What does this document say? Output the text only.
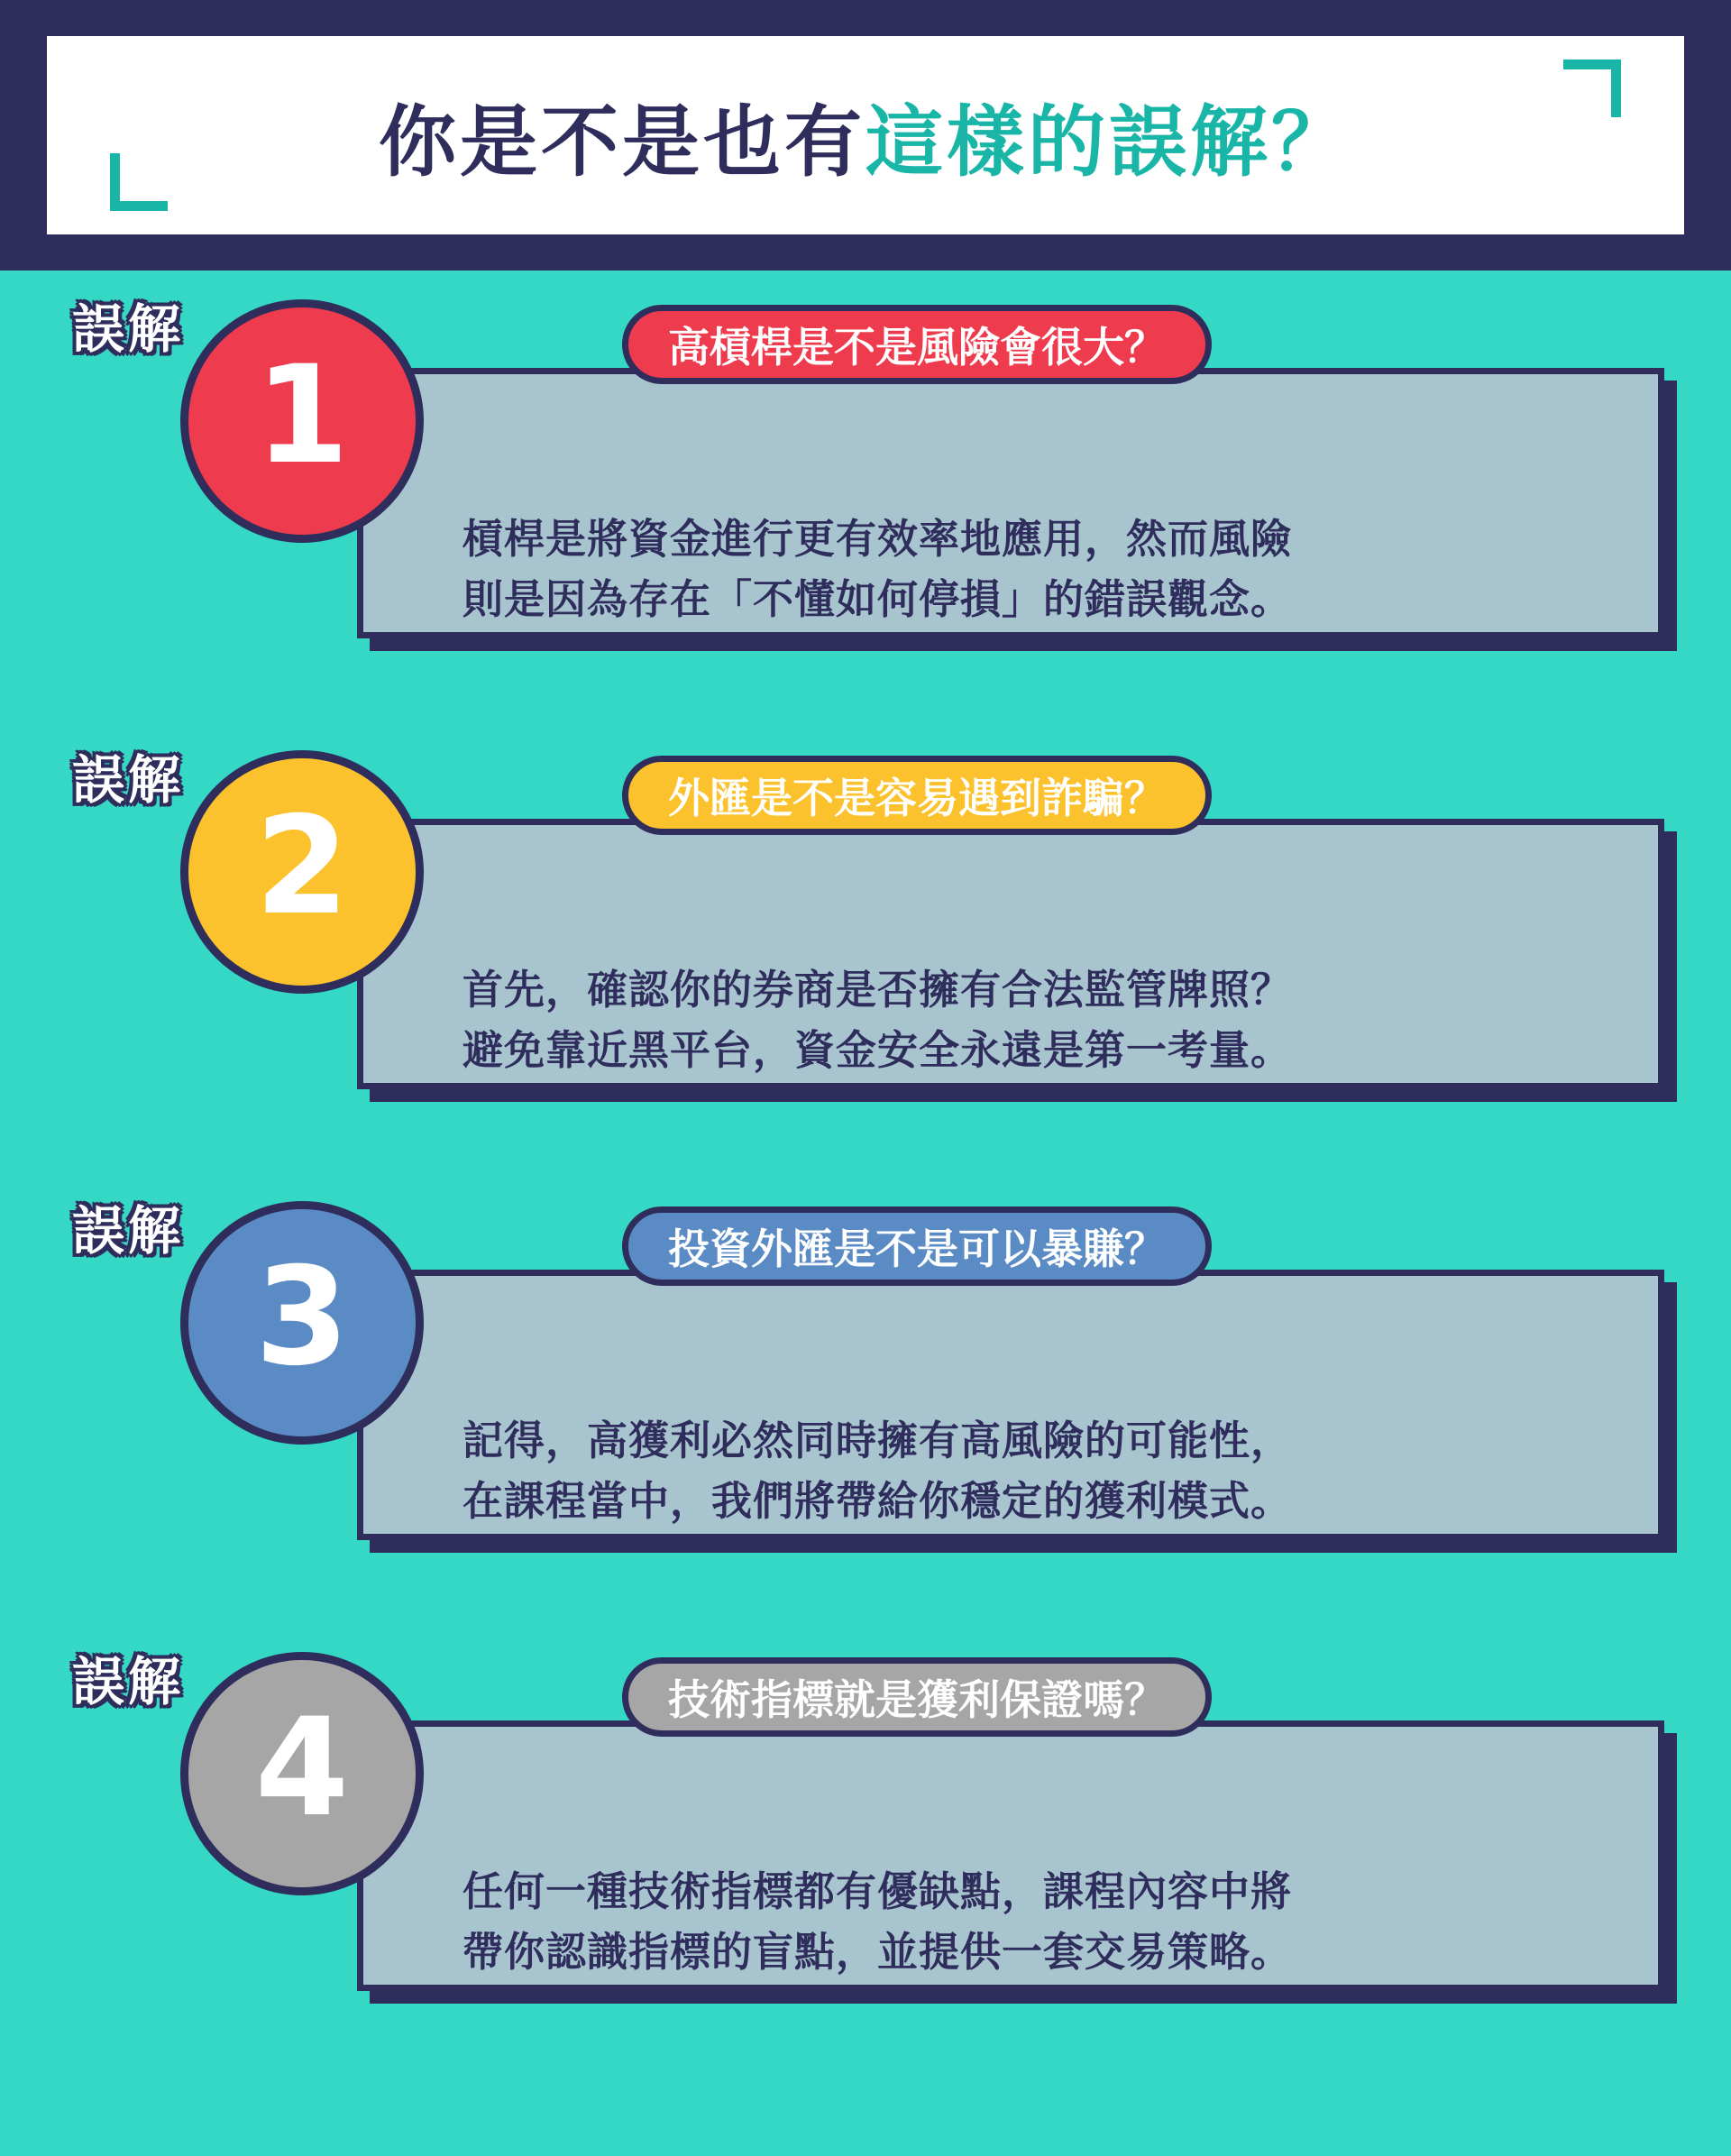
你是不是也有這樣的誤解？
槓桿是將資金進行更有效率地應用，然而風險
則是因為存在「不懂如何停損」的錯誤觀念。
高槓桿是不是風險會很大？
1
誤解
首先，確認你的券商是否擁有合法監管牌照？
避免靠近黑平台，資金安全永遠是第一考量。
外匯是不是容易遇到詐騙？
2
誤解
記得，高獲利必然同時擁有高風險的可能性，
在課程當中，我們將帶給你穩定的獲利模式。
投資外匯是不是可以暴賺？
3
誤解
任何一種技術指標都有優缺點，課程內容中將
帶你認識指標的盲點，並提供一套交易策略。
技術指標就是獲利保證嗎？
4
誤解
